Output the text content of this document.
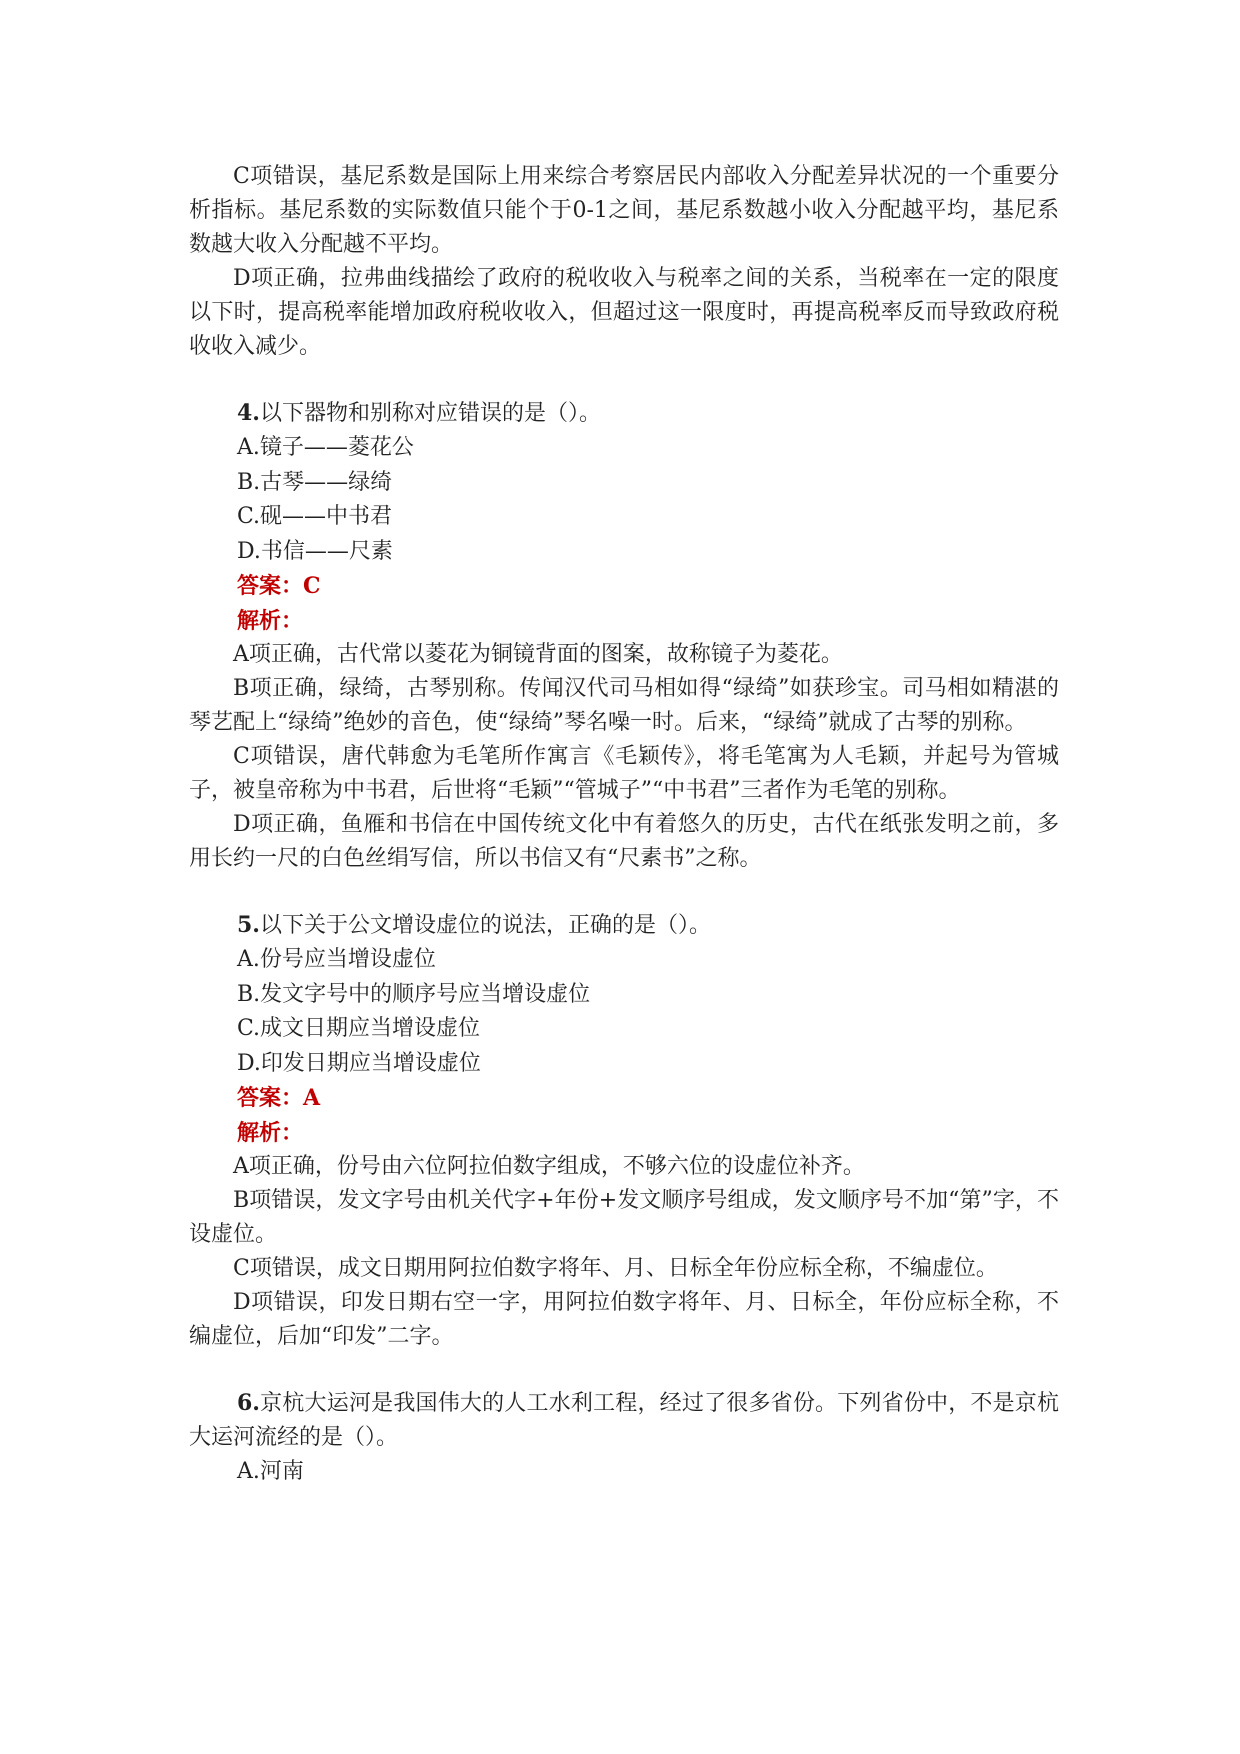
C项错误，基尼系数是国际上用来综合考察居民内部收入分配差异状况的一个重要分析指标。基尼系数的实际数值只能个于0-1之间，基尼系数越小收入分配越平均，基尼系数越大收入分配越不平均。

D项正确，拉弗曲线描绘了政府的税收收入与税率之间的关系，当税率在一定的限度以下时，提高税率能增加政府税收收入，但超过这一限度时，再提高税率反而导致政府税收收入减少。

4.以下器物和别称对应错误的是（）。

A.镜子——菱花公

B.古琴——绿绮

C.砚——中书君

D.书信——尺素

答案：C

解析：

A项正确，古代常以菱花为铜镜背面的图案，故称镜子为菱花。

B项正确，绿绮，古琴别称。传闻汉代司马相如得“绿绮”如获珍宝。司马相如精湛的琴艺配上“绿绮”绝妙的音色，使“绿绮”琴名噪一时。后来，“绿绮”就成了古琴的别称。

C项错误，唐代韩愈为毛笔所作寓言《毛颖传》，将毛笔寓为人毛颖，并起号为管城子，被皇帝称为中书君，后世将“毛颖”“管城子”“中书君”三者作为毛笔的别称。

D项正确，鱼雁和书信在中国传统文化中有着悠久的历史，古代在纸张发明之前，多用长约一尺的白色丝绢写信，所以书信又有“尺素书”之称。

5.以下关于公文增设虚位的说法，正确的是（）。

A.份号应当增设虚位

B.发文字号中的顺序号应当增设虚位

C.成文日期应当增设虚位

D.印发日期应当增设虚位

答案：A

解析：

A项正确，份号由六位阿拉伯数字组成，不够六位的设虚位补齐。

B项错误，发文字号由机关代字+年份+发文顺序号组成，发文顺序号不加“第”字，不设虚位。

C项错误，成文日期用阿拉伯数字将年、月、日标全年份应标全称，不编虚位。

D项错误，印发日期右空一字，用阿拉伯数字将年、月、日标全，年份应标全称，不编虚位，后加“印发”二字。

6.京杭大运河是我国伟大的人工水利工程，经过了很多省份。下列省份中，不是京杭大运河流经的是（）。

A.河南
